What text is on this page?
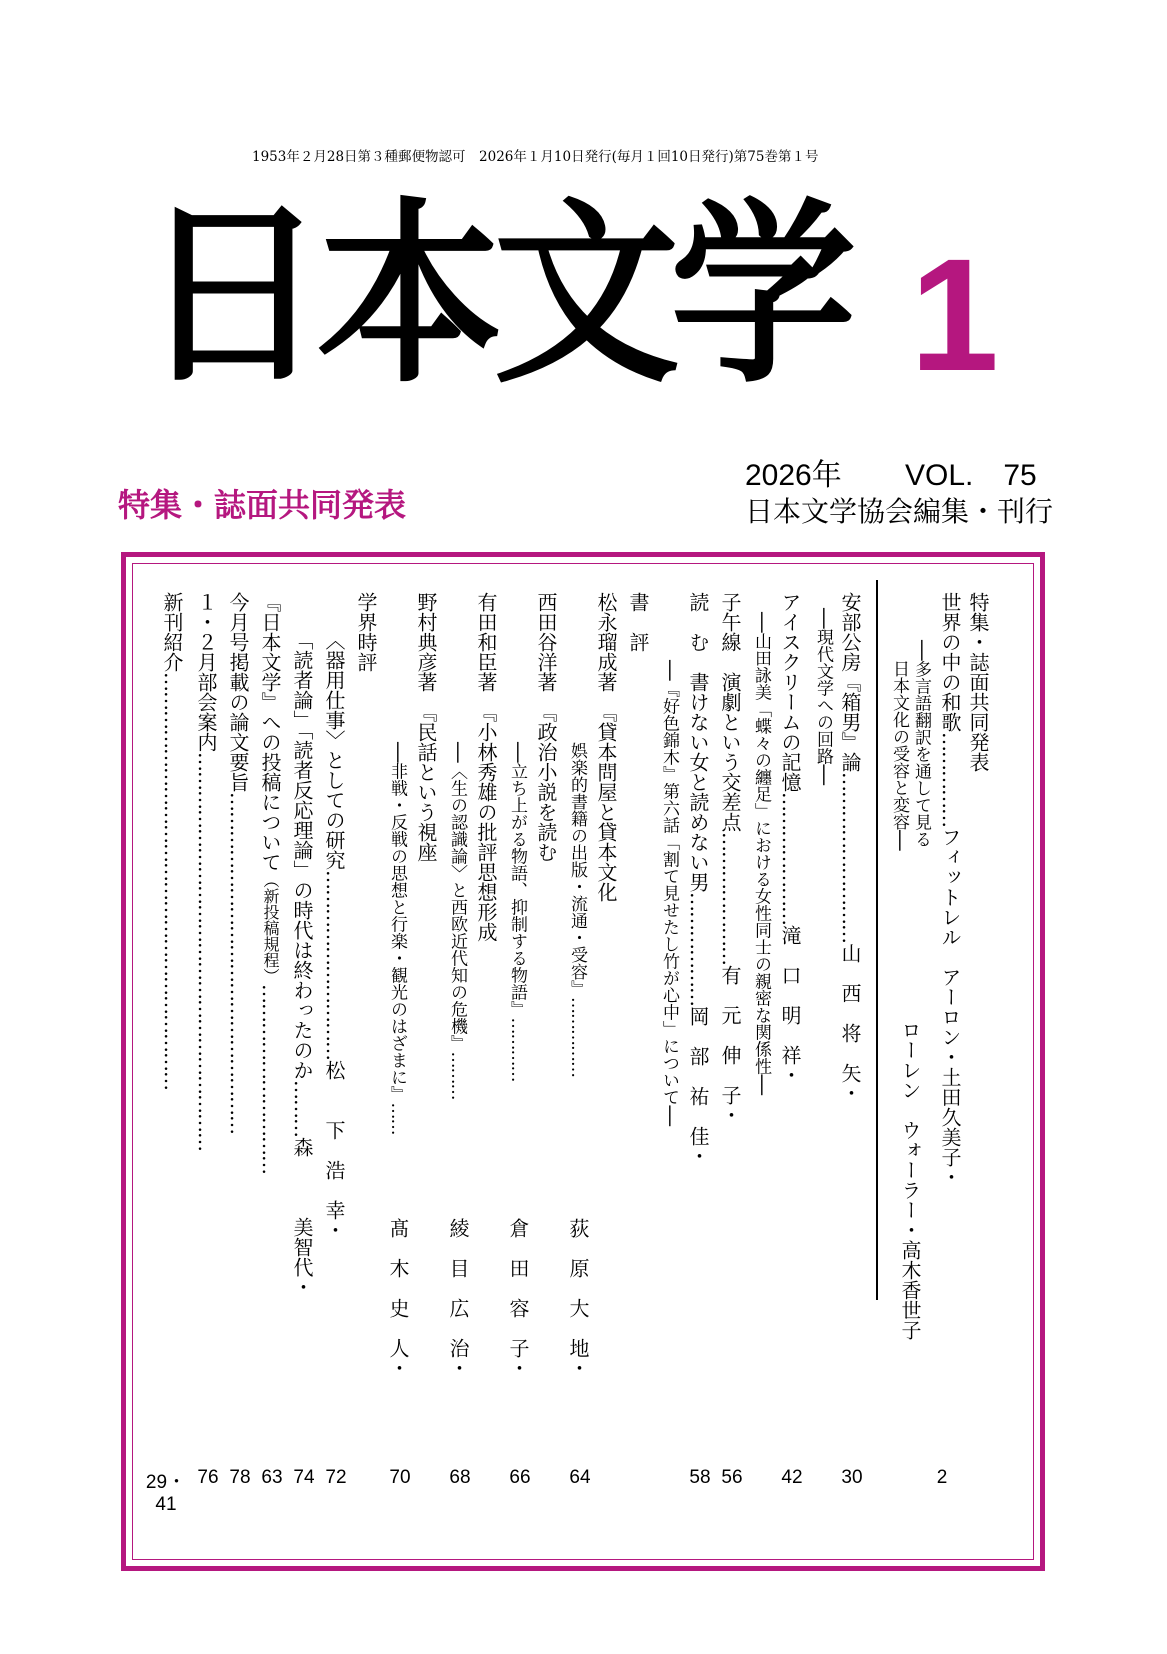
1953年２月28日第３種郵便物認可　2026年１月10日発行(毎月１回10日発行)第75巻第１号
日本文学 1
特集・誌面共同発表
2026年 VOL.　75
日本文学協会編集・刊行
特集・誌面共同発表
世界の中の和歌……………フィットレル　アーロン・土田久美子・
──多言語翻訳を通して見る
日本文化の受容と変容──
ローレン　ウォーラー・高木香世子
2
安部公房『箱男』論………………………山　西　将　矢・
──現代文学への回路──
30
アイスクリームの記憶…………………滝　口　明　祥・
──山田詠美「蝶々の纏足」における女性同士の親密な関係性──
42
子午線　演劇という交差点…………………有　元　伸　子・
56
読　む　書けない女と読めない男………………岡　部　祐　佳・
──『好色錦木』第六話「割て見せたし竹が心中」について──
58
書　評
松永瑠成著　『貸本問屋と貸本文化
娯楽的書籍の出版・流通・受容』……………
荻　原　大　地・
64
西田谷洋著　『政治小説を読む
──立ち上がる物語、抑制する物語』…………
倉　田　容　子・
66
有田和臣著　『小林秀雄の批評思想形成
──〈生の認識論〉と西欧近代知の危機』………
綾　目　広　治・
68
野村典彦著　『民話という視座
──非戦・反戦の思想と行楽・観光のはざまに』……
髙　木　史　人・
70
学界時評
〈器用仕事〉としての研究…………………………松　　下　浩　幸・
72
「読者論」「読者反応理論」の時代は終わったのか………森　　　美智代・
74
『日本文学』への投稿について（新投稿規程）…………………………
63
今月号掲載の論文要旨………………………………………………
78
１・２月部会案内………………………………………………………
76
新刊紹介…………………………………………………………
29・41
